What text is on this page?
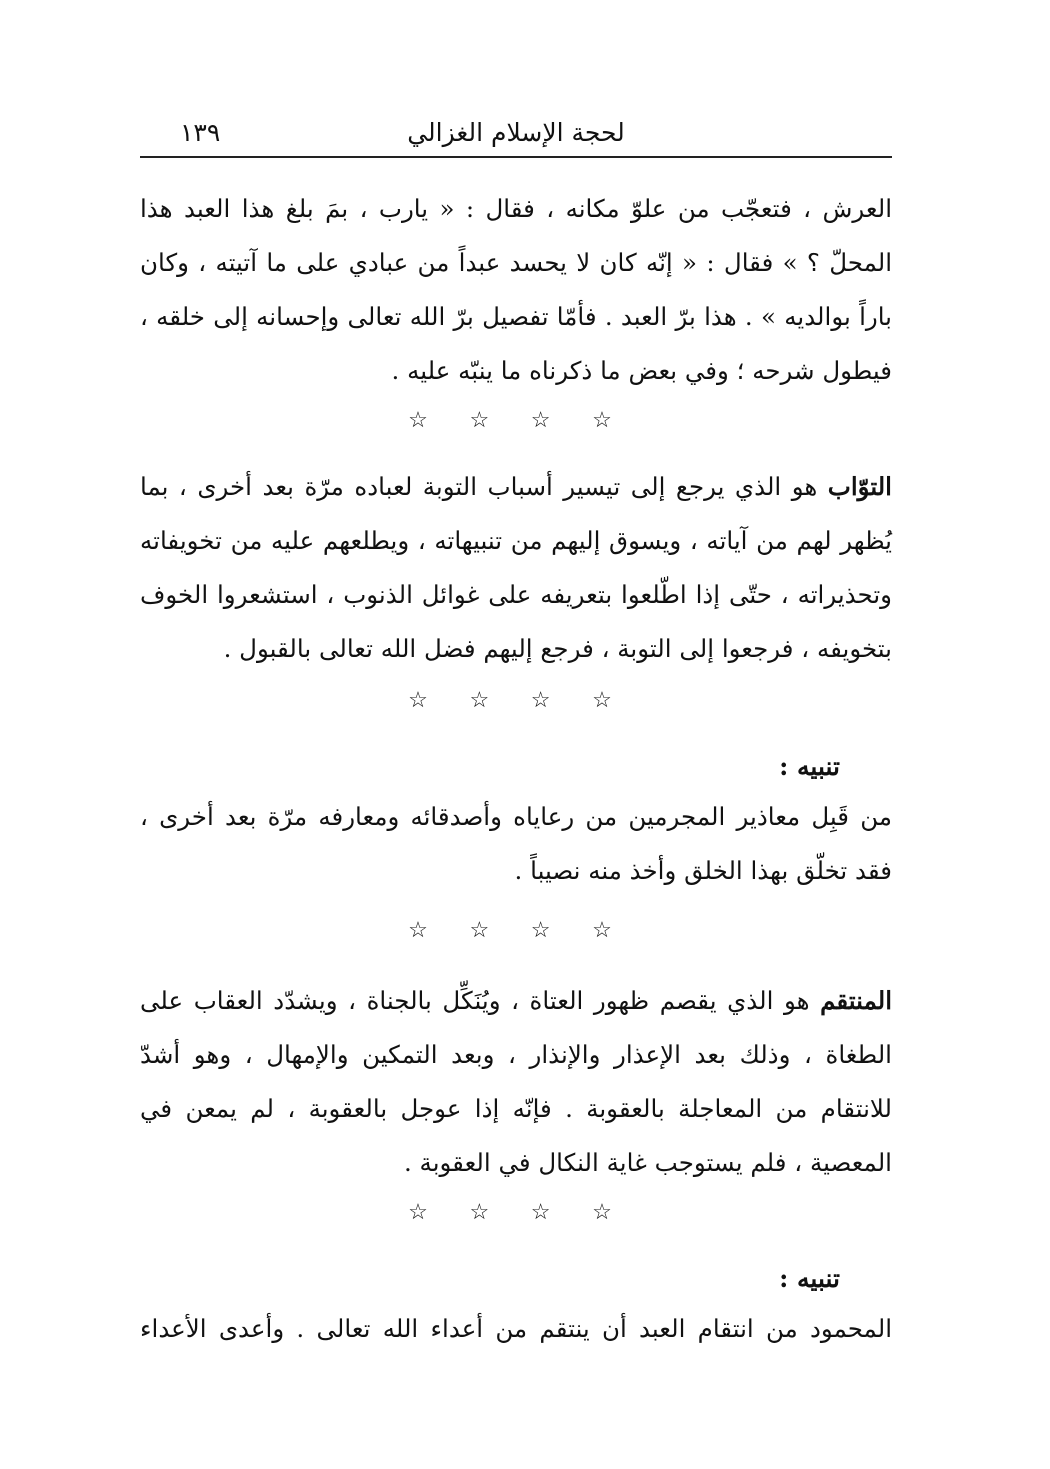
لحجة الإسلام الغزالي
١٣٩

العرش ، فتعجّب من علوّ مكانه ، فقال : « يارب ، بمَ بلغ هذا العبد هذا المحلّ ؟ » فقال : « إنّه كان لا يحسد عبداً من عبادي على ما آتيته ، وكان باراً بوالديه » . هذا برّ العبد . فأمّا تفصيل برّ الله تعالى وإحسانه إلى خلقه ، فيطول شرحه ؛ وفي بعض ما ذكرناه ما ينبّه عليه .

☆ ☆ ☆ ☆

التوّاب هو الذي يرجع إلى تيسير أسباب التوبة لعباده مرّة بعد أخرى ، بما يُظهر لهم من آياته ، ويسوق إليهم من تنبيهاته ، ويطلعهم عليه من تخويفاته وتحذيراته ، حتّى إذا اطّلعوا بتعريفه على غوائل الذنوب ، استشعروا الخوف بتخويفه ، فرجعوا إلى التوبة ، فرجع إليهم فضل الله تعالى بالقبول .

☆ ☆ ☆ ☆
تنبيه :

من قَبِل معاذير المجرمين من رعاياه وأصدقائه ومعارفه مرّة بعد أخرى ، فقد تخلّق بهذا الخلق وأخذ منه نصيباً .

☆ ☆ ☆ ☆

المنتقم هو الذي يقصم ظهور العتاة ، ويُنَكِّل بالجناة ، ويشدّد العقاب على الطغاة ، وذلك بعد الإعذار والإنذار ، وبعد التمكين والإمهال ، وهو أشدّ للانتقام من المعاجلة بالعقوبة . فإنّه إذا عوجل بالعقوبة ، لم يمعن في المعصية ، فلم يستوجب غاية النكال في العقوبة .

☆ ☆ ☆ ☆
تنبيه :

المحمود من انتقام العبد أن ينتقم من أعداء الله تعالى . وأعدى الأعداء
